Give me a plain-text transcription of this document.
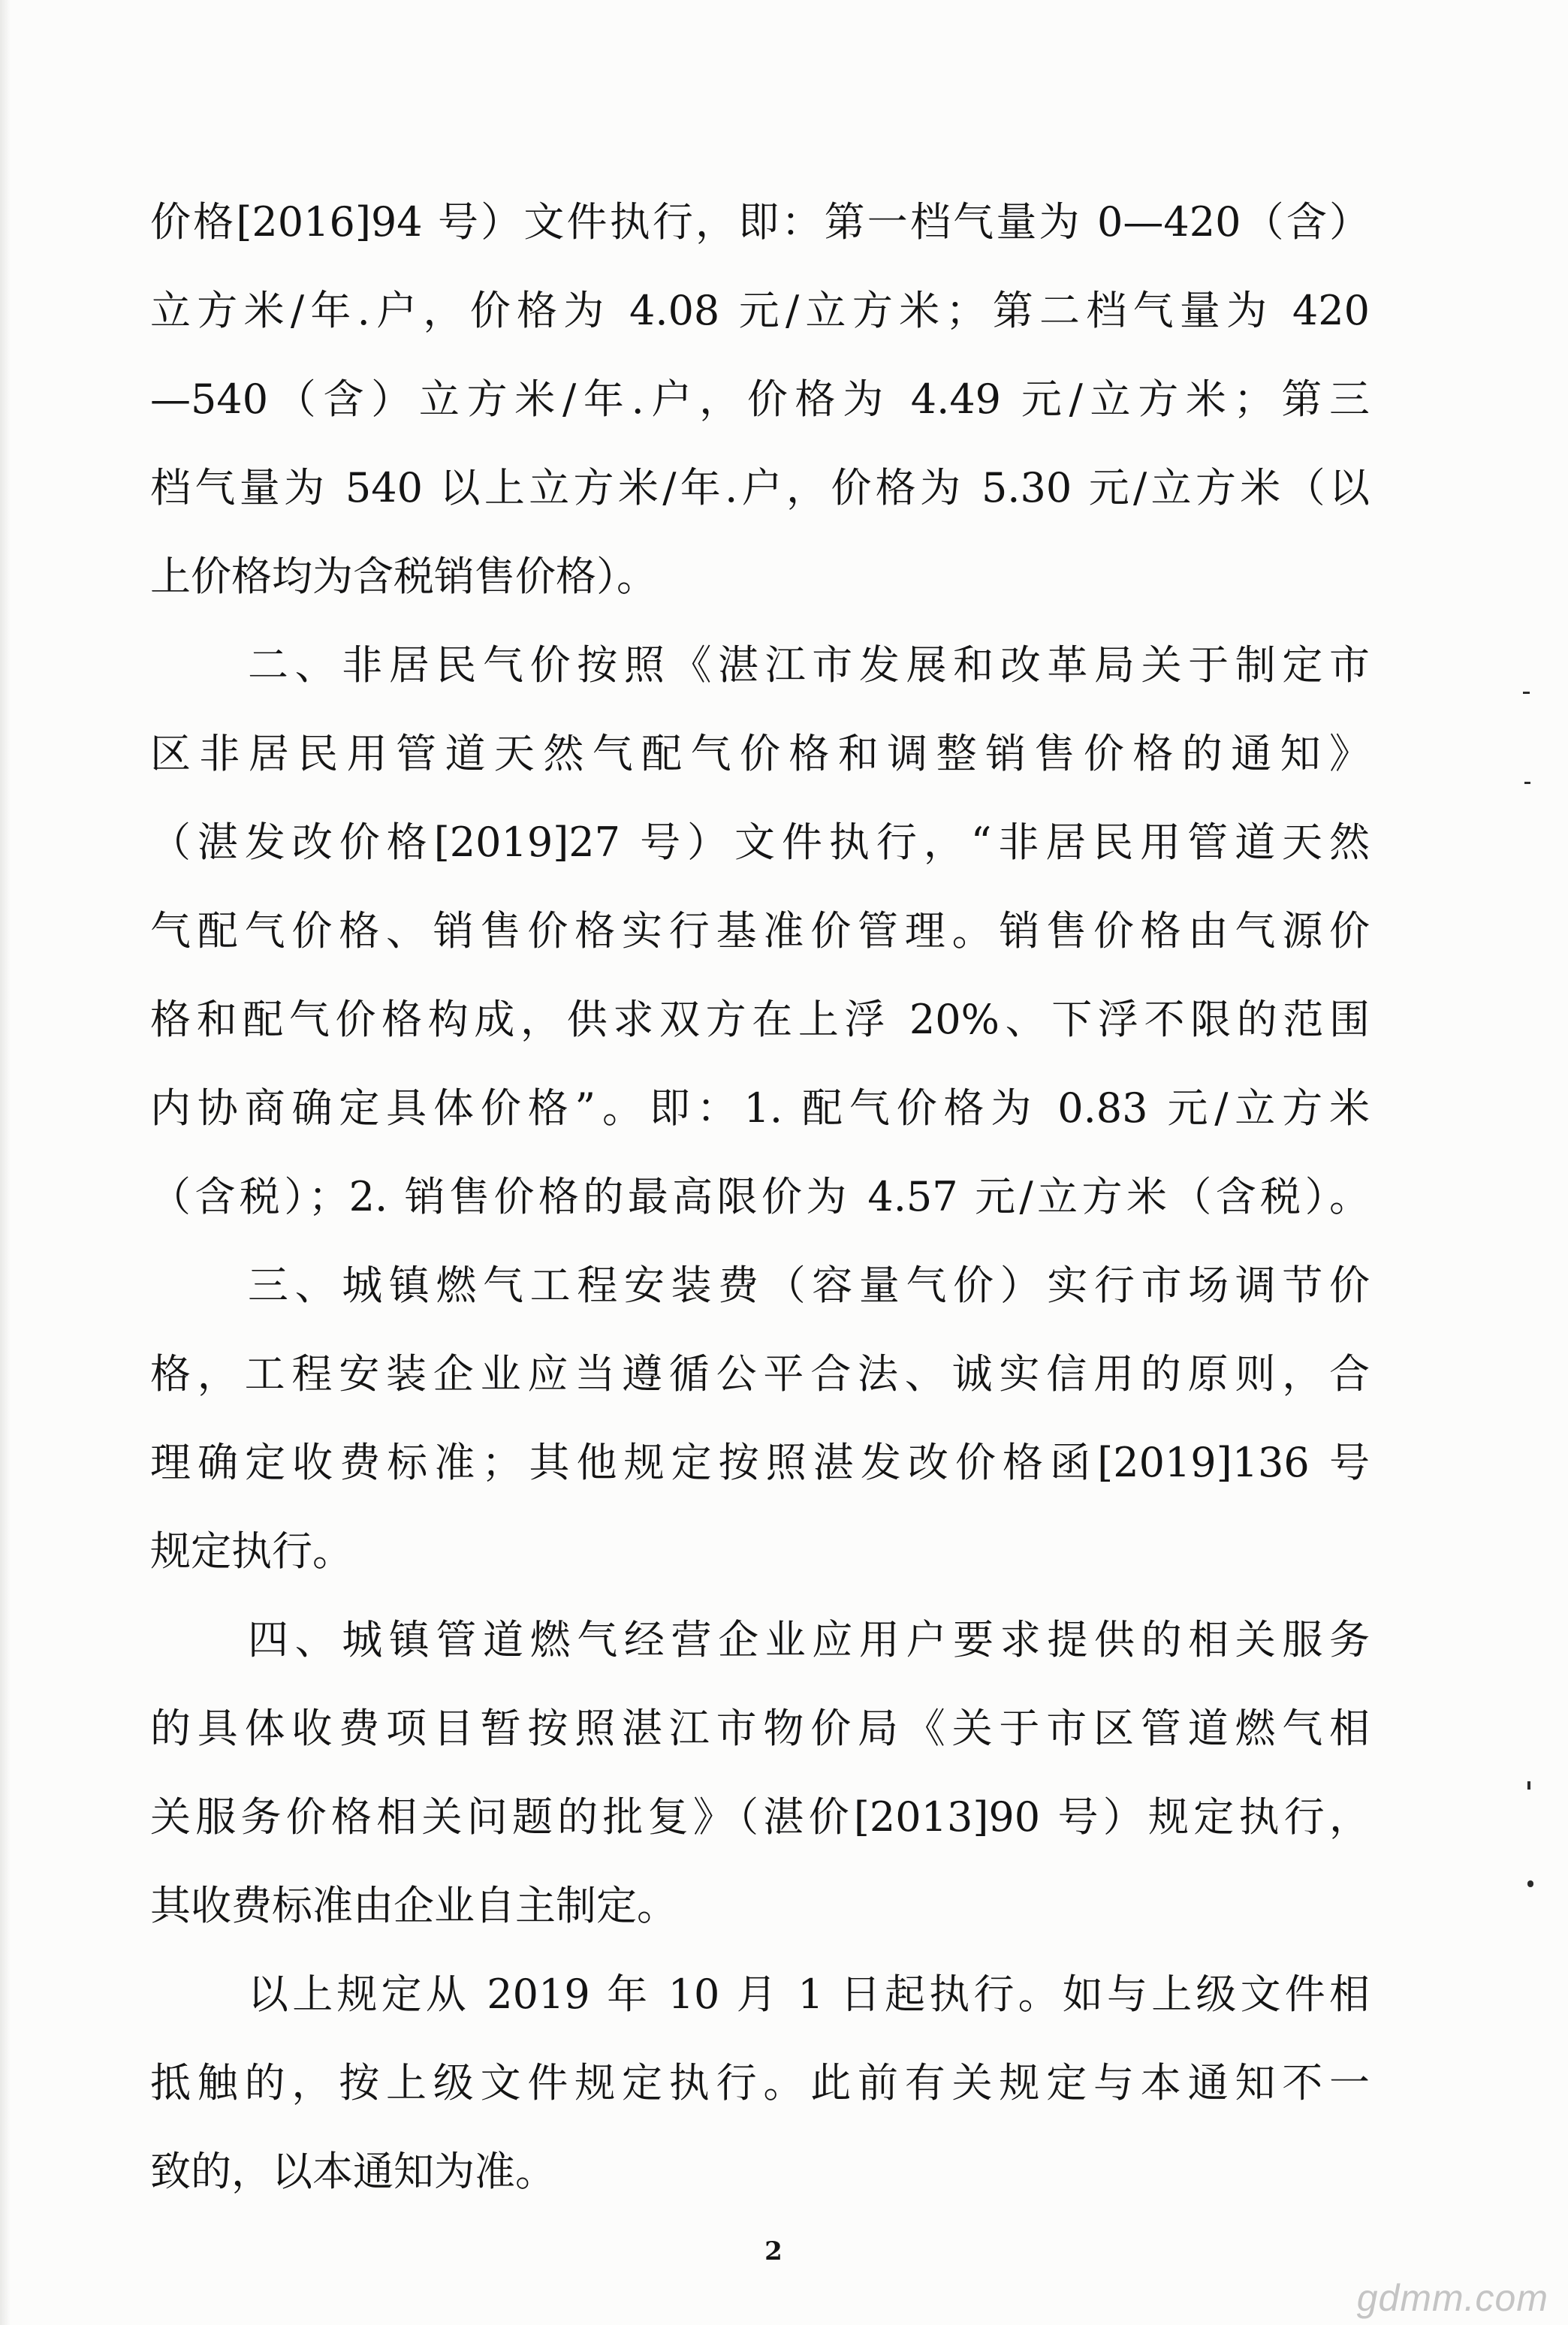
价格[2016]94 号）文件执行，即：第一档气量为 0—420（含）
立方米/年.户，价格为 4.08 元/立方米；第二档气量为 420
—540（含）立方米/年.户，价格为 4.49 元/立方米；第三
档气量为 540 以上立方米/年.户，价格为 5.30 元/立方米（以
上价格均为含税销售价格）。
二、非居民气价按照《湛江市发展和改革局关于制定市
区非居民用管道天然气配气价格和调整销售价格的通知》
（湛发改价格[2019]27 号）文件执行，“非居民用管道天然
气配气价格、销售价格实行基准价管理。销售价格由气源价
格和配气价格构成，供求双方在上浮 20%、下浮不限的范围
内协商确定具体价格”。即：1. 配气价格为 0.83 元/立方米
（含税）；2. 销售价格的最高限价为 4.57 元/立方米（含税）。
三、城镇燃气工程安装费（容量气价）实行市场调节价
格，工程安装企业应当遵循公平合法、诚实信用的原则，合
理确定收费标准；其他规定按照湛发改价格函[2019]136 号
规定执行。
四、城镇管道燃气经营企业应用户要求提供的相关服务
的具体收费项目暂按照湛江市物价局《关于市区管道燃气相
关服务价格相关问题的批复》（湛价[2013]90 号）规定执行，
其收费标准由企业自主制定。
以上规定从 2019 年 10 月 1 日起执行。如与上级文件相
抵触的，按上级文件规定执行。此前有关规定与本通知不一
致的，以本通知为准。
2
gdmm.com
